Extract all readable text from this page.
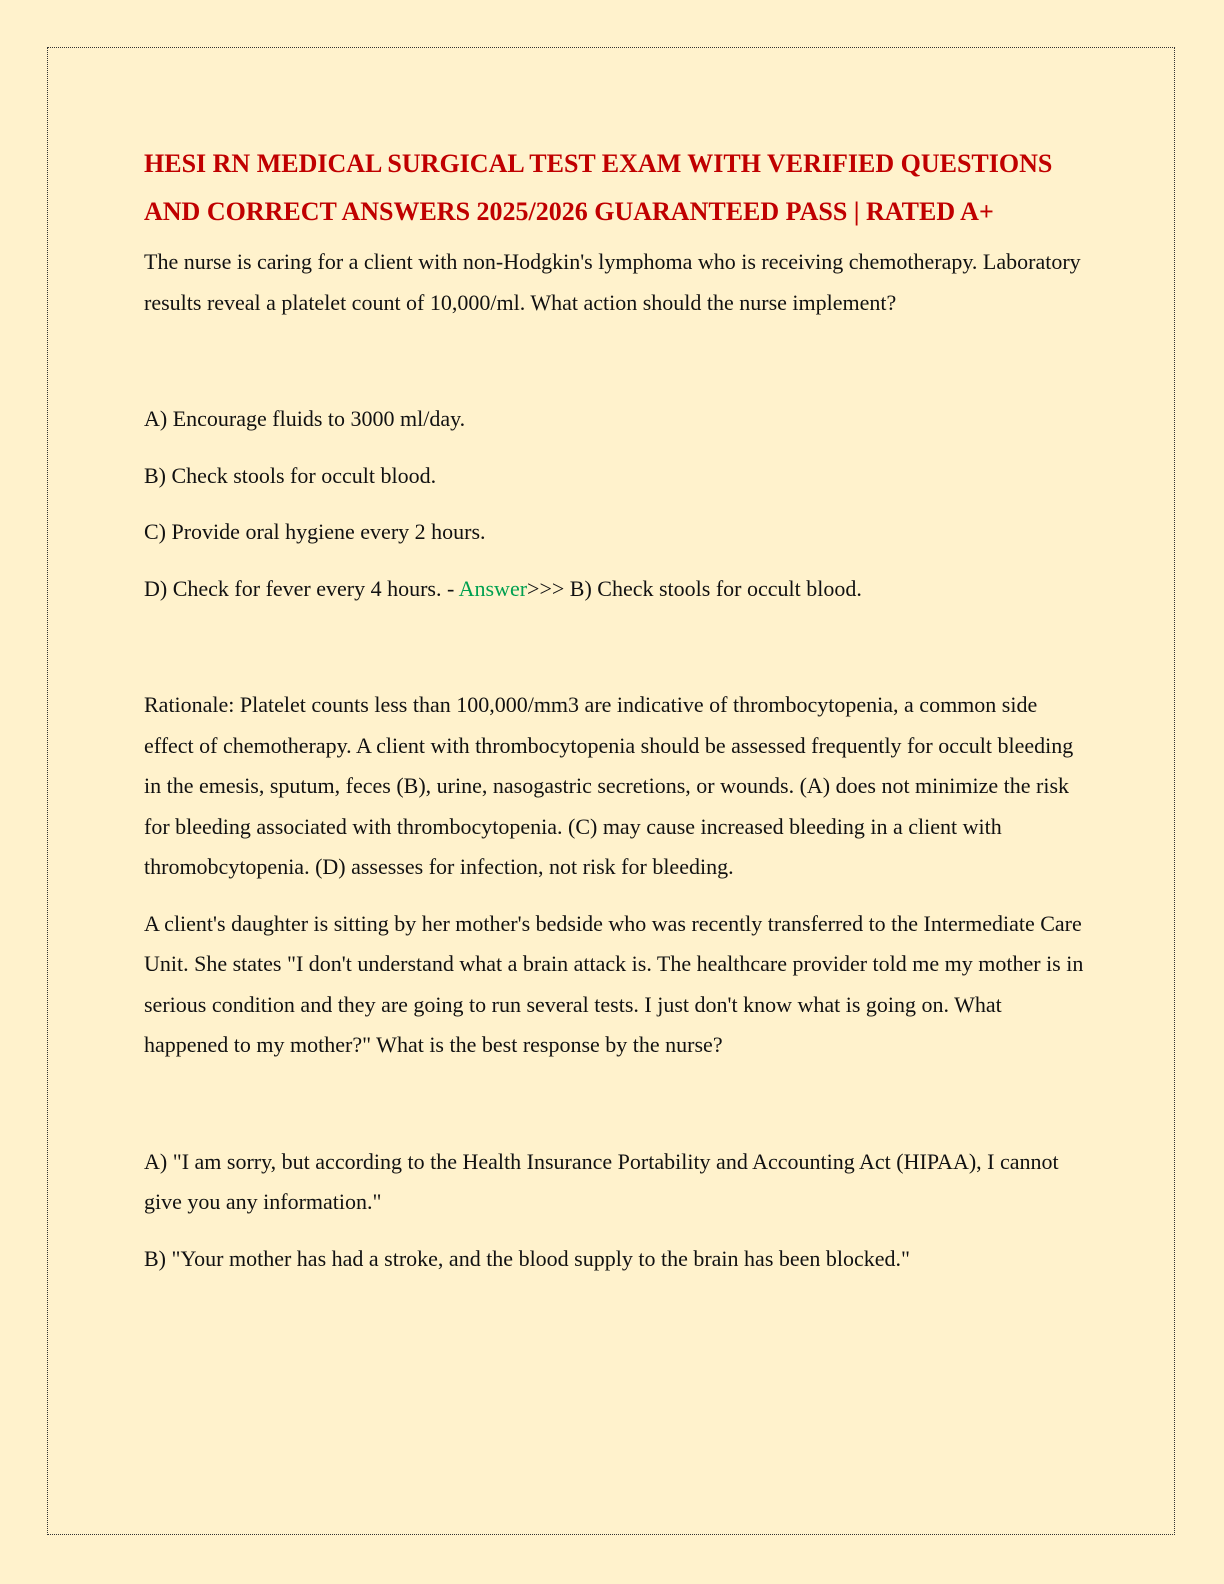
HESI RN MEDICAL SURGICAL TEST EXAM WITH VERIFIED QUESTIONS AND CORRECT ANSWERS 2025/2026 GUARANTEED PASS | RATED A+

The nurse is caring for a client with non-Hodgkin's lymphoma who is receiving chemotherapy. Laboratory results reveal a platelet count of 10,000/ml. What action should the nurse implement?

A) Encourage fluids to 3000 ml/day.

B) Check stools for occult blood.

C) Provide oral hygiene every 2 hours.

D) Check for fever every 4 hours. - Answer>>> B) Check stools for occult blood.

Rationale: Platelet counts less than 100,000/mm3 are indicative of thrombocytopenia, a common side effect of chemotherapy. A client with thrombocytopenia should be assessed frequently for occult bleeding in the emesis, sputum, feces (B), urine, nasogastric secretions, or wounds. (A) does not minimize the risk for bleeding associated with thrombocytopenia. (C) may cause increased bleeding in a client with thromobcytopenia. (D) assesses for infection, not risk for bleeding.

A client's daughter is sitting by her mother's bedside who was recently transferred to the Intermediate Care Unit. She states "I don't understand what a brain attack is. The healthcare provider told me my mother is in serious condition and they are going to run several tests. I just don't know what is going on. What happened to my mother?" What is the best response by the nurse?

A) "I am sorry, but according to the Health Insurance Portability and Accounting Act (HIPAA), I cannot give you any information."

B) "Your mother has had a stroke, and the blood supply to the brain has been blocked."
